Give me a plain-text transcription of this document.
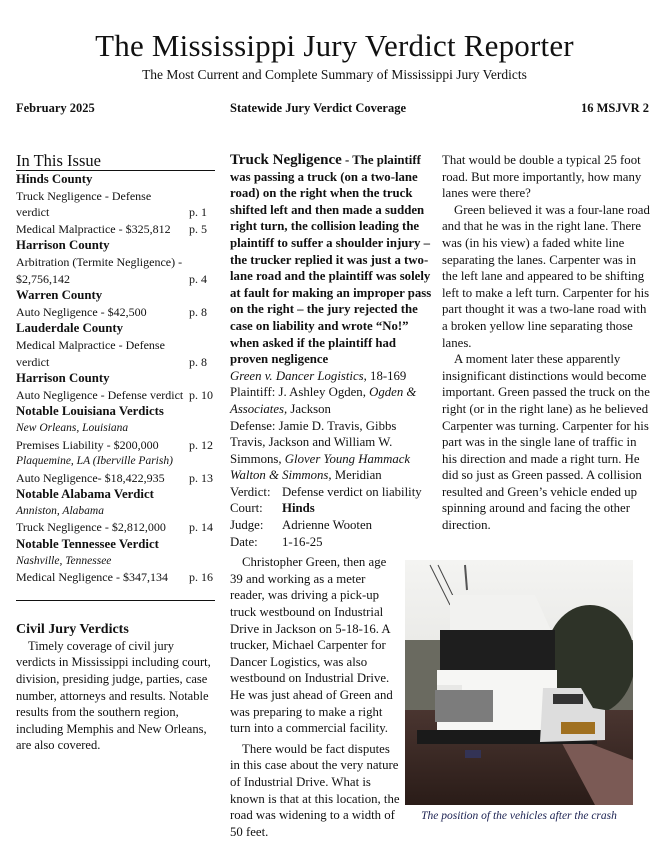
The Mississippi Jury Verdict Reporter
The Most Current and Complete Summary of Mississippi Jury Verdicts
February 2025	Statewide Jury Verdict Coverage	16 MSJVR 2
In This Issue
Hinds County
Truck Negligence - Defense verdict	p. 1
Medical Malpractice - $325,812 p. 5
Harrison County
Arbitration (Termite Negligence) - $2,756,142	p. 4
Warren County
Auto Negligence - $42,500	p. 8
Lauderdale County
Medical Malpractice - Defense verdict	p. 8
Harrison County
Auto Negligence - Defense verdict p. 10
Notable Louisiana Verdicts
New Orleans, Louisiana
Premises Liability - $200,000	p. 12
Plaquemine, LA (Iberville Parish)
Auto Negligence- $18,422,935 p. 13
Notable Alabama Verdict
Anniston, Alabama
Truck Negligence - $2,812,000 p. 14
Notable Tennessee Verdict
Nashville, Tennessee
Medical Negligence - $347,134 p. 16
Civil Jury Verdicts
Timely coverage of civil jury verdicts in Mississippi including court, division, presiding judge, parties, case number, attorneys and results. Notable results from the southern region, including Memphis and New Orleans, are also covered.
Truck Negligence - The plaintiff was passing a truck (on a two-lane road) on the right when the truck shifted left and then made a sudden right turn, the collision leading the plaintiff to suffer a shoulder injury – the trucker replied it was just a two-lane road and the plaintiff was solely at fault for making an improper pass on the right – the jury rejected the case on liability and wrote “No!” when asked if the plaintiff had proven negligence
Green v. Dancer Logistics, 18-169
Plaintiff: J. Ashley Ogden, Ogden & Associates, Jackson
Defense: Jamie D. Travis, Gibbs Travis, Jackson and William W. Simmons, Glover Young Hammack Walton & Simmons, Meridian
Verdict: Defense verdict on liability
Court: Hinds
Judge: Adrienne Wooten
Date: 1-16-25

Christopher Green, then age 39 and working as a meter reader, was driving a pick-up truck westbound on Industrial Drive in Jackson on 5-18-16. A trucker, Michael Carpenter for Dancer Logistics, was also westbound on Industrial Drive. He was just ahead of Green and was preparing to make a right turn into a commercial facility.

There would be fact disputes in this case about the very nature of Industrial Drive. What is known is that at this location, the road was widening to a width of 50 feet.

That would be double a typical 25 foot road. But more importantly, how many lanes were there?

Green believed it was a four-lane road and that he was in the right lane. There was (in his view) a faded white line separating the lanes. Carpenter was in the left lane and appeared to be shifting left to make a left turn. Carpenter for his part thought it was a two-lane road with a broken yellow line separating those lanes.

A moment later these apparently insignificant distinctions would become important. Green passed the truck on the right (or in the right lane) as he believed Carpenter was turning. Carpenter for his part was in the single lane of traffic in his direction and made a right turn. He did so just as Green passed. A collision resulted and Green’s vehicle ended up spinning around and facing the other direction.

The position of the vehicles after the crash
